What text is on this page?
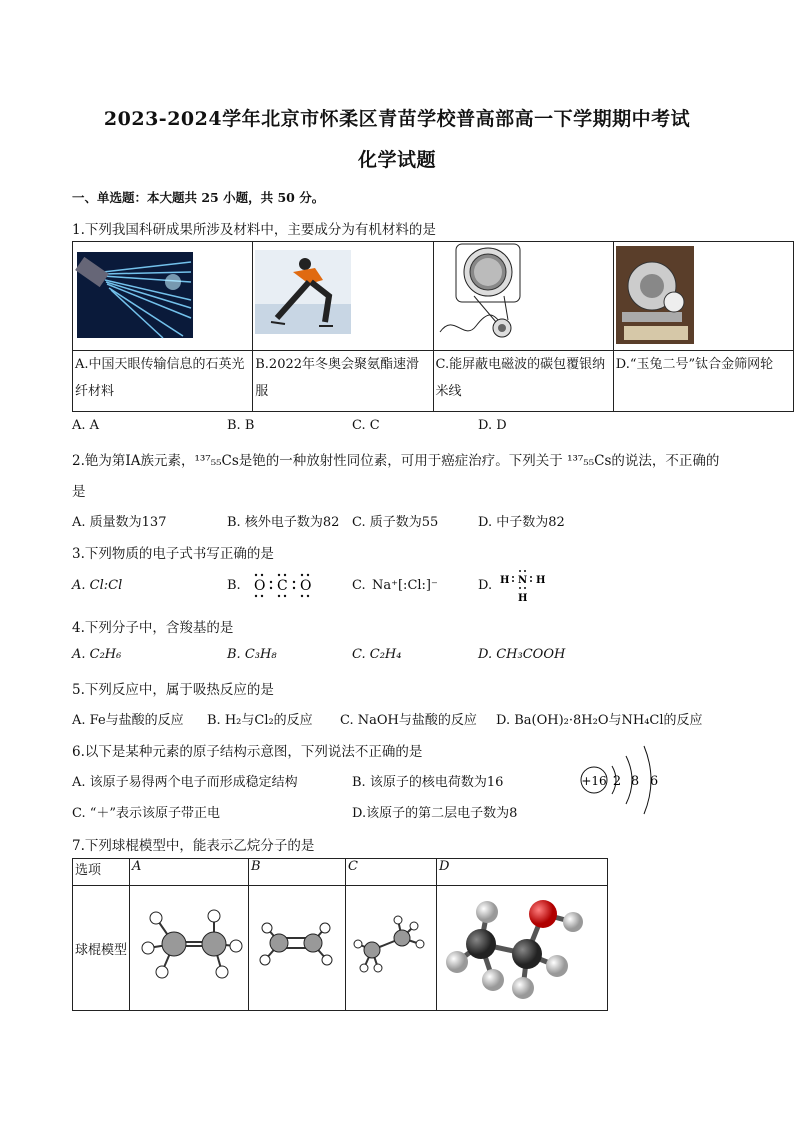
2023-2024学年北京市怀柔区青苗学校普高部高一下学期期中考试
化学试题
一、单选题：本大题共 25 小题，共 50 分。
1.下列我国科研成果所涉及材料中，主要成分为有机材料的是

A.中国天眼传输信息的石英光纤材料	B.2022年冬奥会聚氨酯速滑服	C.能屏蔽电磁波的碳包覆银纳米线	D.“玉兔二号”钛合金筛网轮
A. A	B. B	C. C	D. D
2.铯为第IA族元素，¹³⁷₅₅Cs是铯的一种放射性同位素，可用于癌症治疗。下列关于 ¹³⁷₅₅Cs的说法，不正确的
是
A. 质量数为137	B. 核外电子数为82 C. 质子数为55	D. 中子数为82
3.下列物质的电子式书写正确的是
A. Cl:Cl	B. O C O	C. Na⁺[:Cl:]⁻	D. H N H
H
4.下列分子中，含羧基的是
A. C₂H₆	B. C₃H₈	C. C₂H₄	D. CH₃COOH
5.下列反应中，属于吸热反应的是
A. Fe与盐酸的反应 B. H₂与Cl₂的反应 C. NaOH与盐酸的反应 D. Ba(OH)₂·8H₂O与NH₄Cl的反应
6.以下是某种元素的原子结构示意图，下列说法不正确的是
A. 该原子易得两个电子而形成稳定结构	B. 该原子的核电荷数为16
C. “＋”表示该原子带正电	D.该原子的第二层电子数为8
+16 2 8 6
7.下列球棍模型中，能表示乙烷分子的是
选项	A	B	C	D
球棍模型				
